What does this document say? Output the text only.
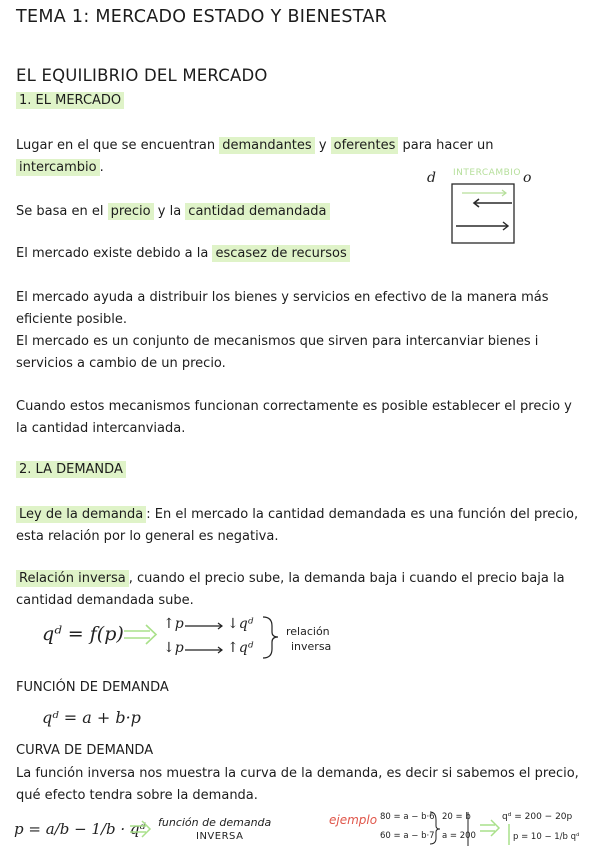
TEMA 1: MERCADO ESTADO Y BIENESTAR
EL EQUILIBRIO DEL MERCADO
1. EL MERCADO
Lugar en el que se encuentran demandantes y oferentes para hacer un
intercambio .
d INTERCAMBIO o
Se basa en el precio y la cantidad demandada
El mercado existe debido a la escasez de recursos
El mercado ayuda a distribuir los bienes y servicios en efectivo de la manera más eficiente posible.
El mercado es un conjunto de mecanismos que sirven para intercanviar bienes i servicios a cambio de un precio.
Cuando estos mecanismos funcionan correctamente es posible establecer el precio y la cantidad intercanviada.
2. LA DEMANDA
Ley de la demanda : En el mercado la cantidad demandada es una función del precio, esta relación por lo general es negativa.
Relación inversa , cuando el precio sube, la demanda baja i cuando el precio baja la cantidad demandada sube.
qᵈ = f(p)	↑p	↓qᵈ
↓p	↑qᵈ
relación
inversa
FUNCIÓN DE DEMANDA
qᵈ = a + b·p
CURVA DE DEMANDA
La función inversa nos muestra la curva de la demanda, es decir si sabemos el precio, qué efecto tendra sobre la demanda.
p = a/b − 1/b · qᵈ función de demanda
INVERSA
ejemplo 80 = a − b·6
60 = a − b·7
20 = b
a = 200
qᵈ = 200 − 20p
p = 10 − 1/b qᵈ
